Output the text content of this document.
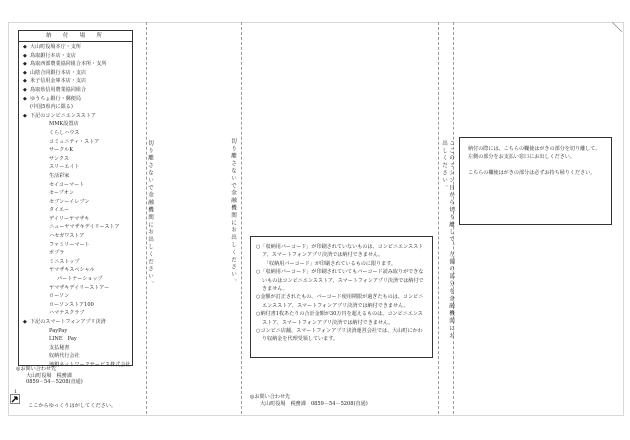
納　付　場　所
◆ 大山町役場本庁・支所
◆ 鳥取銀行本店・支店
◆ 鳥取西部農業協同組合本所・支所
◆ 山陰合同銀行本店・支店
◆ 米子信用金庫本店・支店
◆ 鳥取県信用農業協同組合
◆ ゆうちょ銀行・郵便局
(中国5県内に限る)
◆ 下記のコンビニエンスストア
MMK設置店
くらしハウス
コミュニティ・ストア
サークルK
サンクス
スリーエイト
生活彩家
セイコーマート
セーブオン
セブンーイレブン
タイエー
デイリーヤマザキ
ニューヤマザキデイリーストア
ハセガワストア
ファミリーマート
ポプラ
ミニストップ
ヤマザキスペシャル
パートナーショップ
ヤマザキデイリーストアー
ローソン
ローソンストア100
ハマナスクラブ
◆ 下記のスマートフォンアプリ決済
PayPay
LINE　Pay
支払秘書
収納代行会社
地銀ネットワークサービス株式会社
◎お問い合わせ先
大山町役場　税務課
0859－54－5208(直通)
1
ここからゆっくりはがしてください。
切り離さないで金融機関にお出しください。	切り離さないで金融機関にお出しください。	ここのミシン目から切り離して、左側の部分を金融機関にお出しください。

○「収納用バーコード」が印刷されていないものは、コンビニエンスストア、スマートフォンアプリ決済では納付できません。

「収納用バーコード」が印刷されているものに限ります。

○「収納用バーコード」が印刷されていてもバーコード読み取りができないものはコンビニエンスストア、スマートフォンアプリ決済では納付できません。

○金額が訂正されたもの、バーコード使用期限が過ぎたものは、コンビニエンスストア、スマートフォンアプリ決済では納付できません。

○納付書1枚あたりの合計金額が30万円を超えるものは、コンビニエンスストア、スマートフォンアプリ決済では納付できません。

○コンビニ店舗、スマートフォンアプリ決済運営会社では、大山町にかわり収納金を代理受領しています。

◎お問い合わせ先
大山町役場　税務課　0859－54－5208(直通)

納付の際には、こちらの欄使はがきの部分を切り離して、左側の部分をお支払い窓口にお出しください。

こちらの欄使はがきの部分は必ずお持ち帰りください。
